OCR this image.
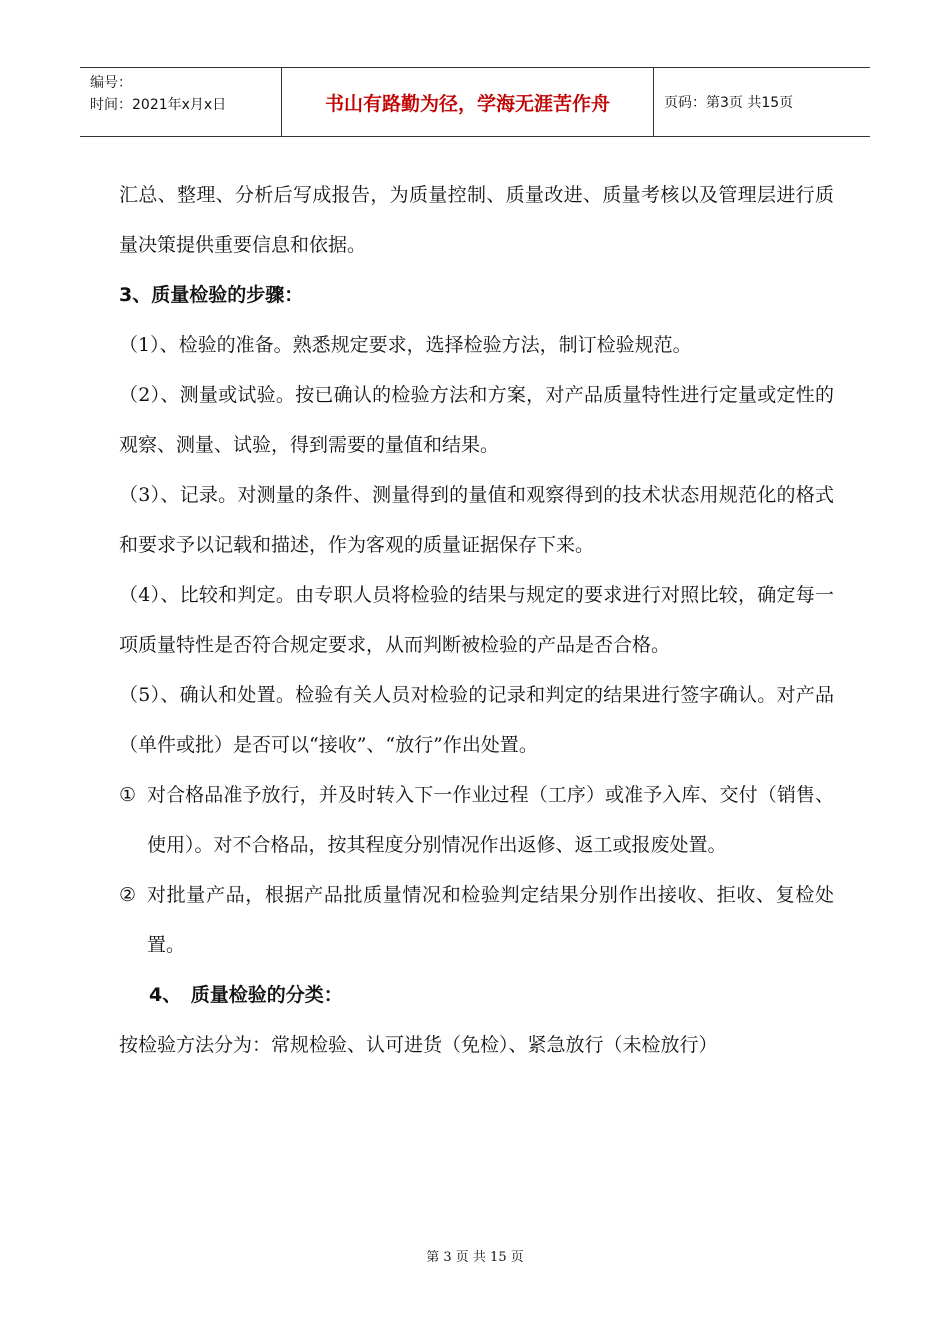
编号：
时间：2021年x月x日	书山有路勤为径，学海无涯苦作舟	页码：第3页 共15页

汇总、整理、分析后写成报告，为质量控制、质量改进、质量考核以及管理层进行质量决策提供重要信息和依据。

3、质量检验的步骤：

（1）、检验的准备。熟悉规定要求，选择检验方法，制订检验规范。

（2）、测量或试验。按已确认的检验方法和方案，对产品质量特性进行定量或定性的观察、测量、试验，得到需要的量值和结果。

（3）、记录。对测量的条件、测量得到的量值和观察得到的技术状态用规范化的格式和要求予以记载和描述，作为客观的质量证据保存下来。

（4）、比较和判定。由专职人员将检验的结果与规定的要求进行对照比较，确定每一项质量特性是否符合规定要求，从而判断被检验的产品是否合格。

（5）、确认和处置。检验有关人员对检验的记录和判定的结果进行签字确认。对产品（单件或批）是否可以“接收”、“放行”作出处置。

① 对合格品准予放行，并及时转入下一作业过程（工序）或准予入库、交付（销售、使用）。对不合格品，按其程度分别情况作出返修、返工或报废处置。
② 对批量产品，根据产品批质量情况和检验判定结果分别作出接收、拒收、复检处置。

4、　质量检验的分类：

按检验方法分为：常规检验、认可进货（免检）、紧急放行（未检放行）

第 3 页 共 15 页
